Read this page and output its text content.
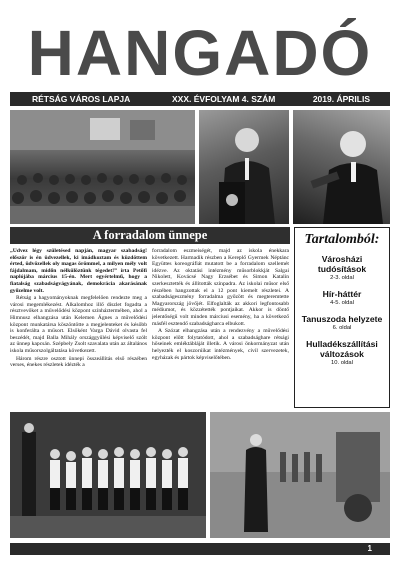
HANGADÓ
RÉTSÁG VÁROS LAPJA	XXX. ÉVFOLYAM 4. SZÁM	2019. ÁPRILIS
A forradalom ünnepe

„Üdvez légy születésed napján, magyar szabadság! először is én üdvezellek, ki imádkoztam és küzdöttem érted, üdvözellek oly magas örömmel, a milyen mély volt fájdalmam, midőn nélkülöztünk tégedet!” írta Petőfi naplójába március 15-én. Mert egyértelmű, hogy a fiatalság szabadságvágyának, demokrácia akarásának győzelme volt.

Rétság a hagyományoknak megfelelően rendezte meg a városi megemlékezést. Alkalomhoz illő díszlet fogadta a résztvevőket a művelődési központ színháztermében, ahol a Himnusz elhangzása után Kelemen Ágnes a művelődési központ munkatársa köszöntötte a megjelenteket és később is konferálta a műsort. Elsőként Varga Dávid olvasta fel beszédét, majd Balla Mihály országgyűlési képviselő szólt az ünnep kapcsán. Szépbely Zsolt szavalata után az általános iskola műsorszolgáltatása következett.

Három részre osztott ünnepi összeállítás első részében verses, énekes részletek idézték a

forradalom eszmeiségét, majd az iskola énekkara következett. Harmadik részben a Kereplő Gyermek Néptánc Együttes koreográfiát mutatott be a forradalom szellemét idézve. Az oktatási intézmény műsorblokkját Salgai Nikolett, Kovácsé Nagy Erzsébet és Simon Katalin szerkesztették és állították színpadra. Az iskolai műsor első részében hangzottak el a 12 pont kiemelt részletei. A szabadságeszmény forradalma győzött és megteremtette Magyarország jövőjét. Elfoglalták az akkori legfontosabb médiumot, és közzétették pontjaikat. Akkor is döntő jelentőségű volt minden márciusi esemény, ha a következő másfél esztendő szabadságharca elbukott.

A Szózat elhangzása után a rendezvény a művelődési központ előtt folytatódott, ahol a szabadsághare rétsági hőseinek emléktábláját illetik. A városi önkormányzat után helyezték el koszorúikat intézmények, civil szervezetek, egyházak és pártok képviselőtében.

Tartalomból:
Városházi tudósítások
2-3. oldal
Hír-háttér
4-5. oldal
Tanuszoda helyzete
6. oldal
Hulladékszállítási változások
10. oldal
1
